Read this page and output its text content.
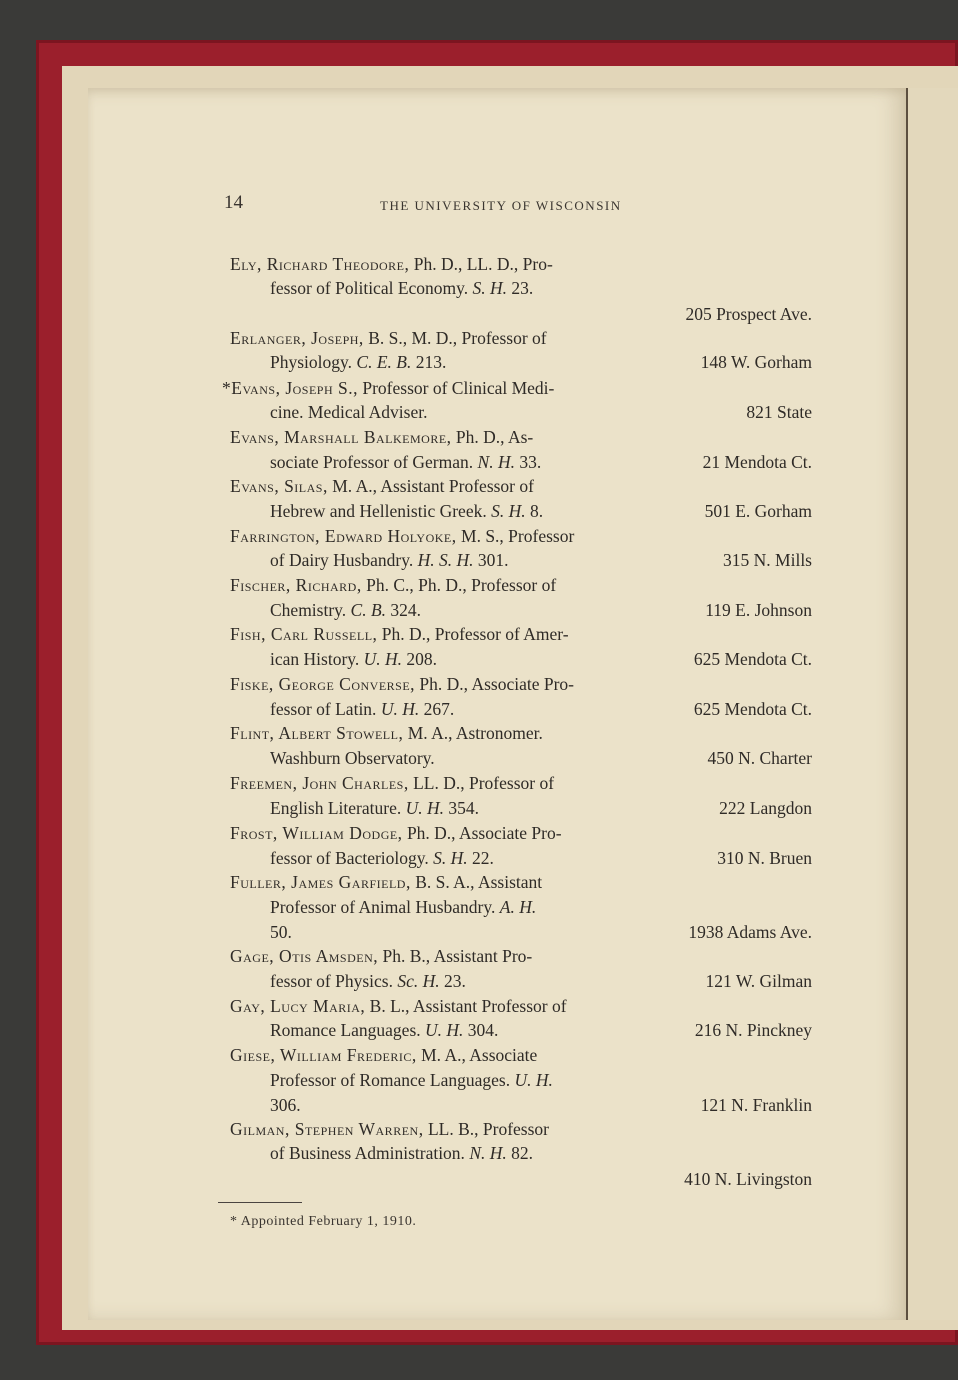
14	THE UNIVERSITY OF WISCONSIN
Ely, Richard Theodore, Ph. D., LL. D., Pro-
fessor of Political Economy. S. H. 23.
205 Prospect Ave.
Erlanger, Joseph, B. S., M. D., Professor of
Physiology. C. E. B. 213.	148 W. Gorham
*Evans, Joseph S., Professor of Clinical Medi-
cine. Medical Adviser.	821 State
Evans, Marshall Balkemore, Ph. D., As-
sociate Professor of German. N. H. 33.	21 Mendota Ct.
Evans, Silas, M. A., Assistant Professor of
Hebrew and Hellenistic Greek. S. H. 8.	501 E. Gorham
Farrington, Edward Holyoke, M. S., Professor
of Dairy Husbandry. H. S. H. 301.	315 N. Mills
Fischer, Richard, Ph. C., Ph. D., Professor of
Chemistry. C. B. 324.	119 E. Johnson
Fish, Carl Russell, Ph. D., Professor of Amer-
ican History. U. H. 208.	625 Mendota Ct.
Fiske, George Converse, Ph. D., Associate Pro-
fessor of Latin. U. H. 267.	625 Mendota Ct.
Flint, Albert Stowell, M. A., Astronomer.
Washburn Observatory.	450 N. Charter
Freemen, John Charles, LL. D., Professor of
English Literature. U. H. 354.	222 Langdon
Frost, William Dodge, Ph. D., Associate Pro-
fessor of Bacteriology. S. H. 22.	310 N. Bruen
Fuller, James Garfield, B. S. A., Assistant
Professor of Animal Husbandry. A. H.
50.	1938 Adams Ave.
Gage, Otis Amsden, Ph. B., Assistant Pro-
fessor of Physics. Sc. H. 23.	121 W. Gilman
Gay, Lucy Maria, B. L., Assistant Professor of
Romance Languages. U. H. 304.	216 N. Pinckney
Giese, William Frederic, M. A., Associate
Professor of Romance Languages. U. H.
306.	121 N. Franklin
Gilman, Stephen Warren, LL. B., Professor
of Business Administration. N. H. 82.
410 N. Livingston
* Appointed February 1, 1910.
